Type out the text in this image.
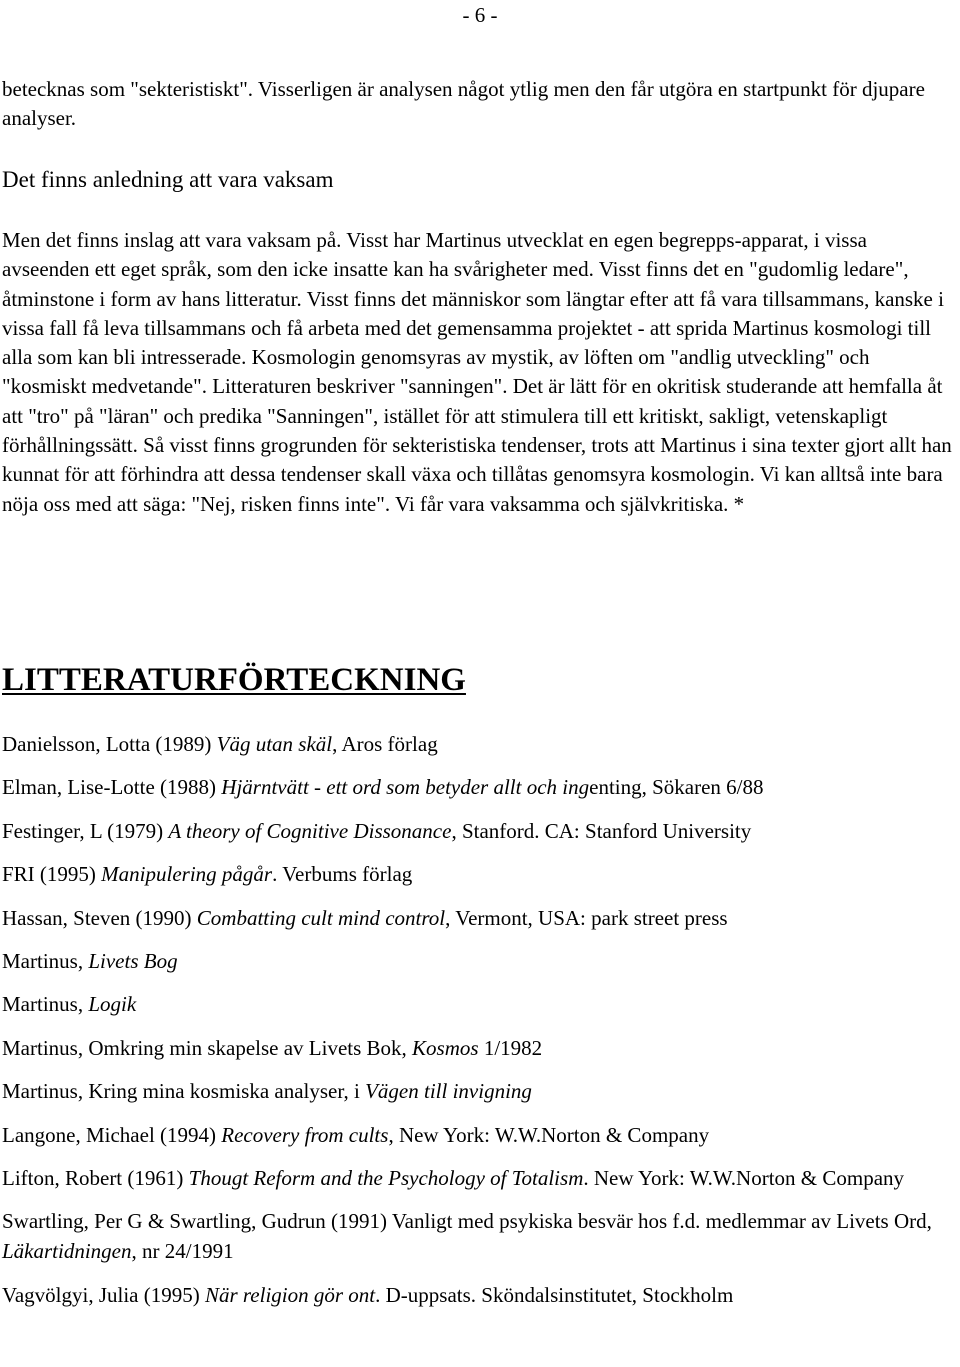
- 6 -

betecknas som "sekteristiskt". Visserligen är analysen något ytlig men den får utgöra en startpunkt för djupare analyser.

Det finns anledning att vara vaksam

Men det finns inslag att vara vaksam på. Visst har Martinus utvecklat en egen begrepps-apparat, i vissa avseenden ett eget språk, som den icke insatte kan ha svårigheter med. Visst finns det en "gudomlig ledare", åtminstone i form av hans litteratur. Visst finns det människor som längtar efter att få vara tillsammans, kanske i vissa fall få leva tillsammans och få arbeta med det gemensamma projektet - att sprida Martinus kosmologi till alla som kan bli intresserade. Kosmologin genomsyras av mystik, av löften om "andlig utveckling" och "kosmiskt medvetande". Litteraturen beskriver "sanningen". Det är lätt för en okritisk studerande att hemfalla åt att "tro" på "läran" och predika "Sanningen", istället för att stimulera till ett kritiskt, sakligt, vetenskapligt förhållningssätt. Så visst finns grogrunden för sekteristiska tendenser, trots att Martinus i sina texter gjort allt han kunnat för att förhindra att dessa tendenser skall växa och tillåtas genomsyra kosmologin. Vi kan alltså inte bara nöja oss med att säga: "Nej, risken finns inte". Vi får vara vaksamma och självkritiska. *

LITTERATURFÖRTECKNING
Danielsson, Lotta (1989) Väg utan skäl, Aros förlag
Elman, Lise-Lotte (1988) Hjärntvätt - ett ord som betyder allt och ingenting, Sökaren 6/88
Festinger, L (1979) A theory of Cognitive Dissonance, Stanford. CA: Stanford University
FRI (1995) Manipulering pågår. Verbums förlag
Hassan, Steven (1990) Combatting cult mind control, Vermont, USA: park street press
Martinus, Livets Bog
Martinus, Logik
Martinus, Omkring min skapelse av Livets Bok, Kosmos 1/1982
Martinus, Kring mina kosmiska analyser, i Vägen till invigning
Langone, Michael (1994) Recovery from cults, New York: W.W.Norton & Company
Lifton, Robert (1961) Thougt Reform and the Psychology of Totalism. New York: W.W.Norton & Company
Swartling, Per G & Swartling, Gudrun (1991) Vanligt med psykiska besvär hos f.d. medlemmar av Livets Ord, Läkartidningen, nr 24/1991
Vagvölgyi, Julia (1995) När religion gör ont. D-uppsats. Sköndalsinstitutet, Stockholm
